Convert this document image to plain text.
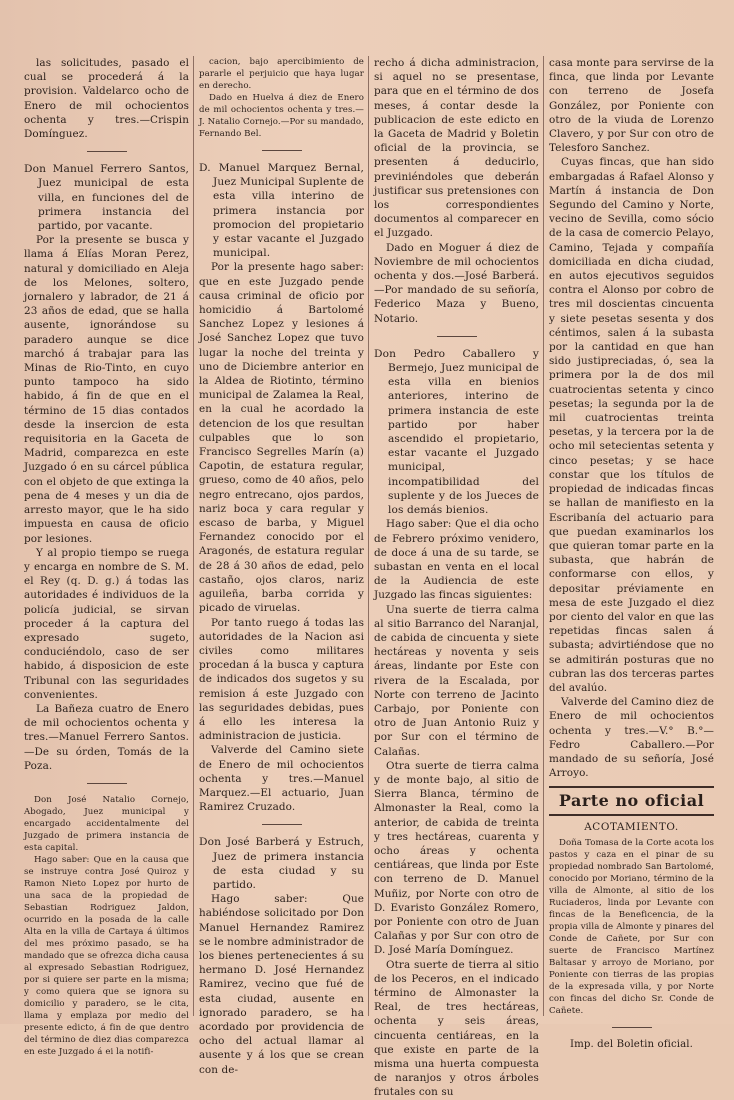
las solicitudes, pasado el cual se procederá á la provision. Valdelarco ocho de Enero de mil ochocientos ochenta y tres.—Crispin Domínguez.

Don Manuel Ferrero Santos, Juez municipal de esta villa, en funciones del de primera instancia del partido, por vacante.

Por la presente se busca y llama á Elías Moran Perez, natural y domiciliado en Aleja de los Melones, soltero, jornalero y labrador, de 21 á 23 años de edad, que se halla ausente, ignorándose su paradero aunque se dice marchó á trabajar para las Minas de Rio-Tinto, en cuyo punto tampoco ha sido habido, á fin de que en el término de 15 dias contados desde la insercion de esta requisitoria en la Gaceta de Madrid, comparezca en este Juzgado ó en su cárcel pública con el objeto de que extinga la pena de 4 meses y un dia de arresto mayor, que le ha sido impuesta en causa de oficio por lesiones.

Y al propio tiempo se ruega y encarga en nombre de S. M. el Rey (q. D. g.) á todas las autoridades é individuos de la policía judicial, se sirvan proceder á la captura del expresado sugeto, conduciéndolo, caso de ser habido, á disposicion de este Tribunal con las seguridades convenientes.

La Bañeza cuatro de Enero de mil ochocientos ochenta y tres.—Manuel Ferrero Santos.—De su órden, Tomás de la Poza.

Don José Natalio Cornejo, Abogado, Juez municipal y encargado accidentalmente del Juzgado de primera instancia de esta capital.

Hago saber: Que en la causa que se instruye contra José Quiroz y Ramon Nieto Lopez por hurto de una saca de la propiedad de Sebastian Rodriguez Jaldon, ocurrido en la posada de la calle Alta en la villa de Cartaya á últimos del mes próximo pasado, se ha mandado que se ofrezca dicha causa al expresado Sebastian Rodriguez, por si quiere ser parte en la misma; y como quiera que se ignora su domicilio y paradero, se le cita, llama y emplaza por medio del presente edicto, á fin de que dentro del término de diez dias comparezca en este Juzgado á ei la notifi-

cacion, bajo apercibimiento de pararle el perjuicio que haya lugar en derecho.

Dado en Huelva á diez de Enero de mil ochocientos ochenta y tres.—J. Natalio Cornejo.—Por su mandado, Fernando Bel.

D. Manuel Marquez Bernal, Juez Municipal Suplente de esta villa interino de primera instancia por promocion del propietario y estar vacante el Juzgado municipal.

Por la presente hago saber: que en este Juzgado pende causa criminal de oficio por homicidio á Bartolomé Sanchez Lopez y lesiones á José Sanchez Lopez que tuvo lugar la noche del treinta y uno de Diciembre anterior en la Aldea de Riotinto, término municipal de Zalamea la Real, en la cual he acordado la detencion de los que resultan culpables que lo son Francisco Segrelles Marín (a) Capotin, de estatura regular, grueso, como de 40 años, pelo negro entrecano, ojos pardos, nariz boca y cara regular y escaso de barba, y Miguel Fernandez conocido por el Aragonés, de estatura regular de 28 á 30 años de edad, pelo castaño, ojos claros, nariz aguileña, barba corrida y picado de viruelas.

Por tanto ruego á todas las autoridades de la Nacion asi civiles como militares procedan á la busca y captura de indicados dos sugetos y su remision á este Juzgado con las seguridades debidas, pues á ello les interesa la administracion de justicia.

Valverde del Camino siete de Enero de mil ochocientos ochenta y tres.—Manuel Marquez.—El actuario, Juan Ramirez Cruzado.

Don José Barberá y Estruch, Juez de primera instancia de esta ciudad y su partido.

Hago saber: Que habiéndose solicitado por Don Manuel Hernandez Ramirez se le nombre administrador de los bienes pertenecientes á su hermano D. José Hernandez Ramirez, vecino que fué de esta ciudad, ausente en ignorado paradero, se ha acordado por providencia de ocho del actual llamar al ausente y á los que se crean con de-

recho á dicha administracion, si aquel no se presentase, para que en el término de dos meses, á contar desde la publicacion de este edicto en la Gaceta de Madrid y Boletin oficial de la provincia, se presenten á deducirlo, previniéndoles que deberán justificar sus pretensiones con los correspondientes documentos al comparecer en el Juzgado.

Dado en Moguer á diez de Noviembre de mil ochocientos ochenta y dos.—José Barberá.—Por mandado de su señoría, Federico Maza y Bueno, Notario.

Don Pedro Caballero y Bermejo, Juez municipal de esta villa en bienios anteriores, interino de primera instancia de este partido por haber ascendido el propietario, estar vacante el Juzgado municipal, incompatibilidad del suplente y de los Jueces de los demás bienios.

Hago saber: Que el dia ocho de Febrero próximo venidero, de doce á una de su tarde, se subastan en venta en el local de la Audiencia de este Juzgado las fincas siguientes:

Una suerte de tierra calma al sitio Barranco del Naranjal, de cabida de cincuenta y siete hectáreas y noventa y seis áreas, lindante por Este con rivera de la Escalada, por Norte con terreno de Jacinto Carbajo, por Poniente con otro de Juan Antonio Ruiz y por Sur con el término de Calañas.

Otra suerte de tierra calma y de monte bajo, al sitio de Sierra Blanca, término de Almonaster la Real, como la anterior, de cabida de treinta y tres hectáreas, cuarenta y ocho áreas y ochenta centiáreas, que linda por Este con terreno de D. Manuel Muñiz, por Norte con otro de D. Evaristo González Romero, por Poniente con otro de Juan Calañas y por Sur con otro de D. José María Domínguez.

Otra suerte de tierra al sitio de los Peceros, en el indicado término de Almonaster la Real, de tres hectáreas, ochenta y seis áreas, cincuenta centiáreas, en la que existe en parte de la misma una huerta compuesta de naranjos y otros árboles frutales con su

casa monte para servirse de la finca, que linda por Levante con terreno de Josefa González, por Poniente con otro de la viuda de Lorenzo Clavero, y por Sur con otro de Telesforo Sanchez.

Cuyas fincas, que han sido embargadas á Rafael Alonso y Martín á instancia de Don Segundo del Camino y Norte, vecino de Sevilla, como sócio de la casa de comercio Pelayo, Camino, Tejada y compañía domiciliada en dicha ciudad, en autos ejecutivos seguidos contra el Alonso por cobro de tres mil doscientas cincuenta y siete pesetas sesenta y dos céntimos, salen á la subasta por la cantidad en que han sido justipreciadas, ó, sea la primera por la de dos mil cuatrocientas setenta y cinco pesetas; la segunda por la de mil cuatrocientas treinta pesetas, y la tercera por la de ocho mil setecientas setenta y cinco pesetas; y se hace constar que los títulos de propiedad de indicadas fincas se hallan de manifiesto en la Escribanía del actuario para que puedan examinarlos los que quieran tomar parte en la subasta, que habrán de conformarse con ellos, y depositar préviamente en mesa de este Juzgado el diez por ciento del valor en que las repetidas fincas salen á subasta; advirtiéndose que no se admitirán posturas que no cubran las dos terceras partes del avalúo.

Valverde del Camino diez de Enero de mil ochocientos ochenta y tres.—V.° B.°—Fedro Caballero.—Por mandado de su señoría, José Arroyo.

Parte no oficial
ACOTAMIENTO.

Doña Tomasa de la Corte acota los pastos y caza en el pinar de su propiedad nombrado San Bartolomé, conocido por Moriano, término de la villa de Almonte, al sitio de los Ruciaderos, linda por Levante con fincas de la Beneficencia, de la propia villa de Almonte y pinares del Conde de Cañete, por Sur con suerte de Francisco Martínez Baltasar y arroyo de Moriano, por Poniente con tierras de las propias de la expresada villa, y por Norte con fincas del dicho Sr. Conde de Cañete.

Imp. del Boletin oficial.
